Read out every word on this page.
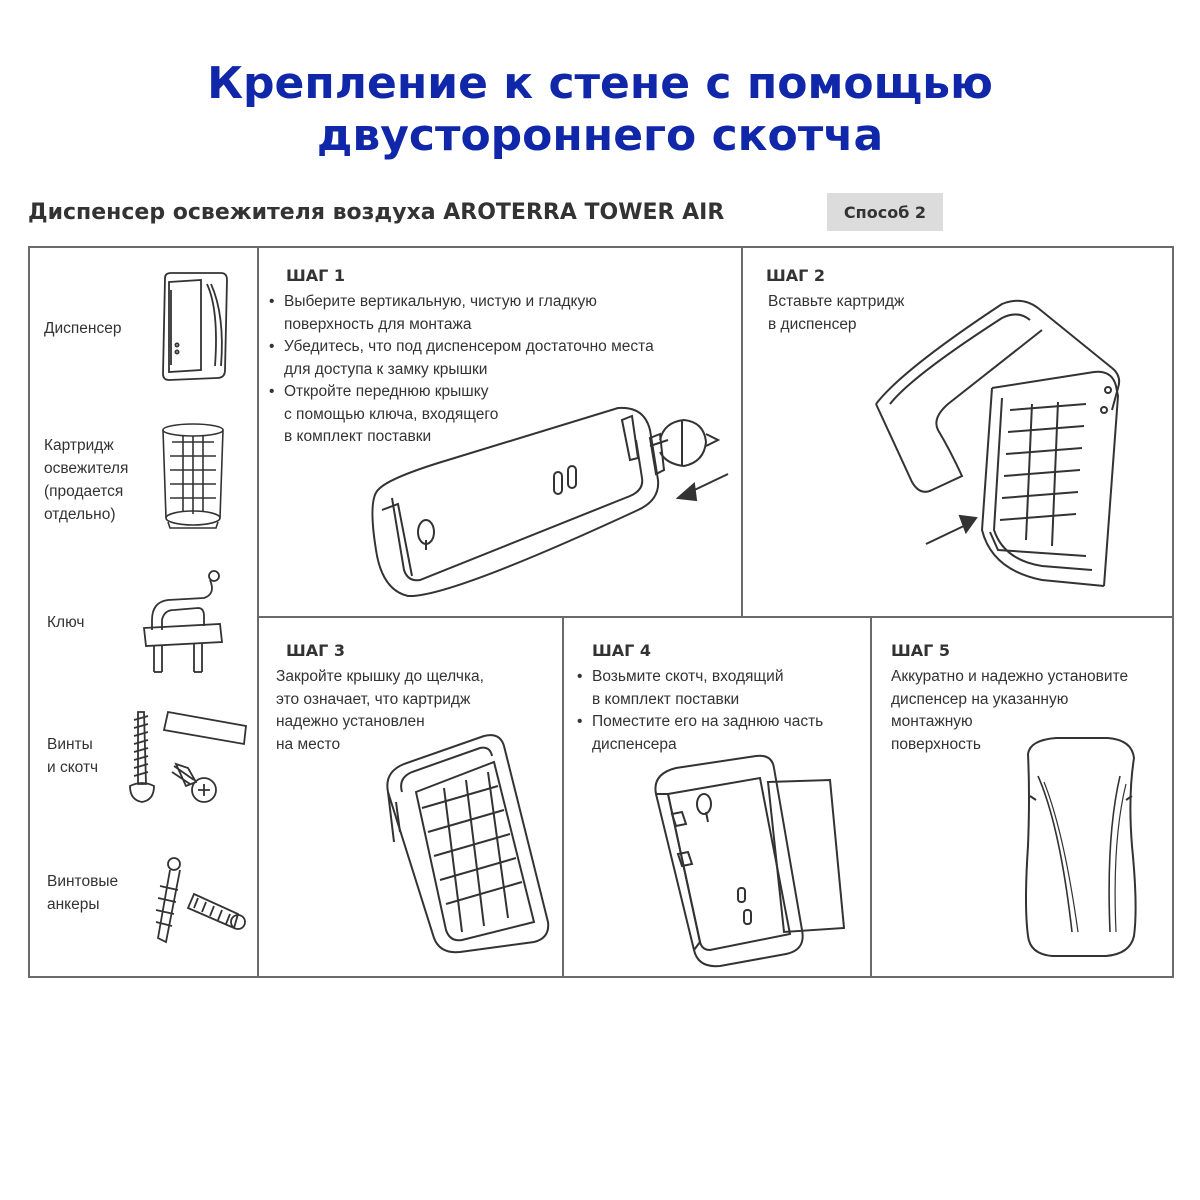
Крепление к стене с помощью
двустороннего скотча
Диспенсер освежителя воздуха AROTERRA TOWER AIR	Способ 2
Диспенсер
Картридж
освежителя
(продается
отдельно)
Ключ
Винты
и скотч
Винтовые
анкеры
ШАГ 1
• Выберите вертикальную, чистую и гладкую
поверхность для монтажа
• Убедитесь, что под диспенсером достаточно места
для доступа к замку крышки
• Откройте переднюю крышку
с помощью ключа, входящего
в комплект поставки
ШАГ 2
Вставьте картридж
в диспенсер
ШАГ 3
Закройте крышку до щелчка,
это означает, что картридж
надежно установлен
на место
ШАГ 4
• Возьмите скотч, входящий
в комплект поставки
• Поместите его на заднюю часть
диспенсера
ШАГ 5
Аккуратно и надежно установите
диспенсер на указанную
монтажную
поверхность
